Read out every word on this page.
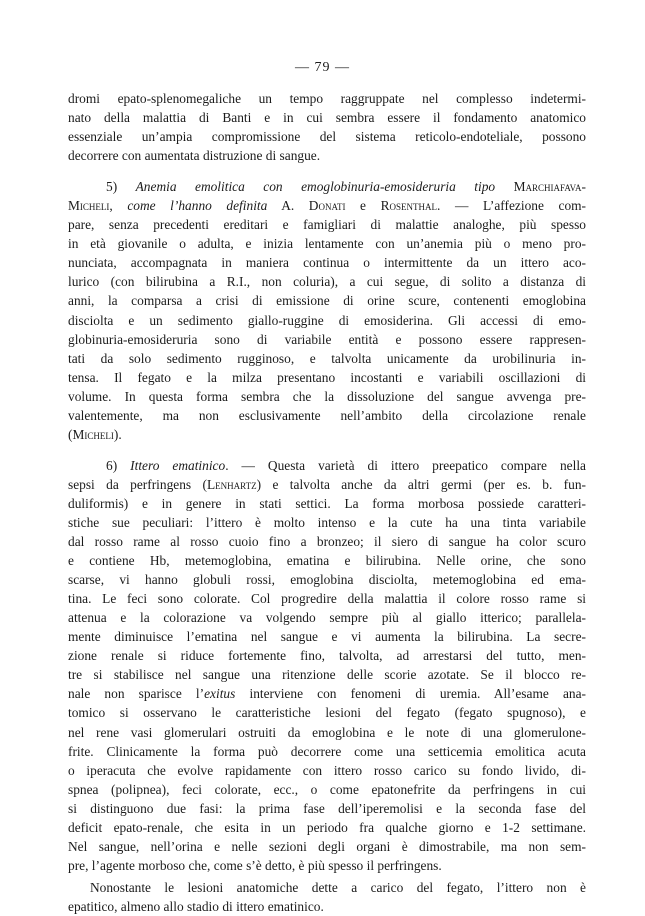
— 79 —
dromi epato-splenomegaliche un tempo raggruppate nel complesso indetermi-
nato della malattia di Banti e in cui sembra essere il fondamento anatomico
essenziale un’ampia compromissione del sistema reticolo-endoteliale, possono
decorrere con aumentata distruzione di sangue.
5) Anemia emolitica con emoglobinuria-emosideruria tipo Marchiafava-
Micheli, come l’hanno definita A. Donati e Rosenthal. — L’affezione com-
pare, senza precedenti ereditari e famigliari di malattie analoghe, più spesso
in età giovanile o adulta, e inizia lentamente con un’anemia più o meno pro-
nunciata, accompagnata in maniera continua o intermittente da un ittero aco-
lurico (con bilirubina a R.I., non coluria), a cui segue, di solito a distanza di
anni, la comparsa a crisi di emissione di orine scure, contenenti emoglobina
disciolta e un sedimento giallo-ruggine di emosiderina. Gli accessi di emo-
globinuria-emosideruria sono di variabile entità e possono essere rappresen-
tati da solo sedimento rugginoso, e talvolta unicamente da urobilinuria in-
tensa. Il fegato e la milza presentano incostanti e variabili oscillazioni di
volume. In questa forma sembra che la dissoluzione del sangue avvenga pre-
valentemente, ma non esclusivamente nell’ambito della circolazione renale
(Micheli).
6) Ittero ematinico. — Questa varietà di ittero preepatico compare nella
sepsi da perfringens (Lenhartz) e talvolta anche da altri germi (per es. b. fun-
duliformis) e in genere in stati settici. La forma morbosa possiede caratteri-
stiche sue peculiari: l’ittero è molto intenso e la cute ha una tinta variabile
dal rosso rame al rosso cuoio fino a bronzeo; il siero di sangue ha color scuro
e contiene Hb, metemoglobina, ematina e bilirubina. Nelle orine, che sono
scarse, vi hanno globuli rossi, emoglobina disciolta, metemoglobina ed ema-
tina. Le feci sono colorate. Col progredire della malattia il colore rosso rame si
attenua e la colorazione va volgendo sempre più al giallo itterico; parallela-
mente diminuisce l’ematina nel sangue e vi aumenta la bilirubina. La secre-
zione renale si riduce fortemente fino, talvolta, ad arrestarsi del tutto, men-
tre si stabilisce nel sangue una ritenzione delle scorie azotate. Se il blocco re-
nale non sparisce l’exitus interviene con fenomeni di uremia. All’esame ana-
tomico si osservano le caratteristiche lesioni del fegato (fegato spugnoso), e
nel rene vasi glomerulari ostruiti da emoglobina e le note di una glomerulone-
frite. Clinicamente la forma può decorrere come una setticemia emolitica acuta
o iperacuta che evolve rapidamente con ittero rosso carico su fondo livido, di-
spnea (polipnea), feci colorate, ecc., o come epatonefrite da perfringens in cui
si distinguono due fasi: la prima fase dell’iperemolisi e la seconda fase del
deficit epato-renale, che esita in un periodo fra qualche giorno e 1-2 settimane.
Nel sangue, nell’orina e nelle sezioni degli organi è dimostrabile, ma non sem-
pre, l’agente morboso che, come s’è detto, è più spesso il perfringens.
Nonostante le lesioni anatomiche dette a carico del fegato, l’ittero non è
epatitico, almeno allo stadio di ittero ematinico.
